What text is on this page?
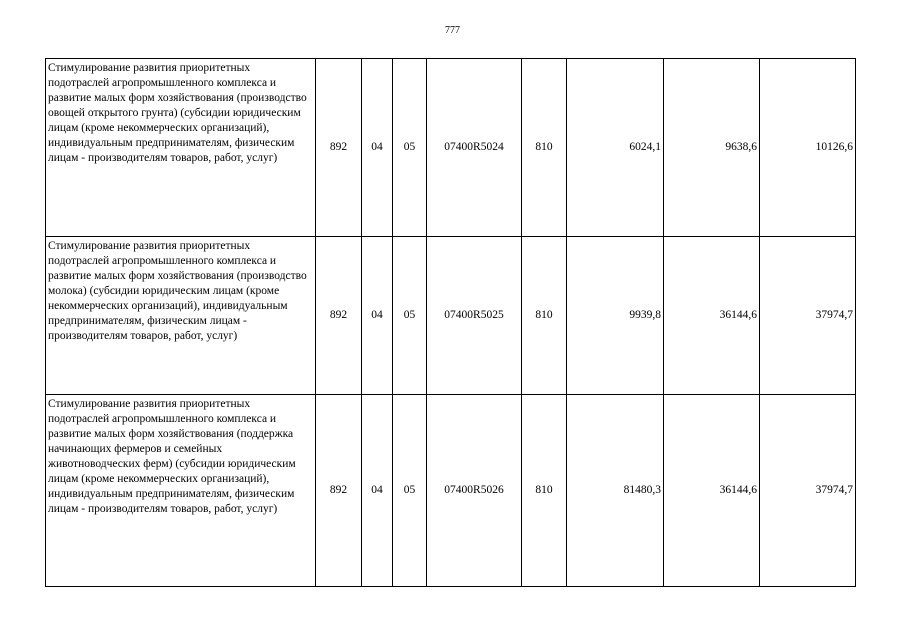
777
Стимулирование развития приоритетных подотраслей агропромышленного комплекса и развитие малых форм хозяйствования (производство овощей открытого грунта) (субсидии юридическим лицам (кроме некоммерческих организаций), индивидуальным предпринимателям, физическим лицам - производителям товаров, работ, услуг)	892	04	05	07400R5024	810	6024,1	9638,6	10126,6
Стимулирование развития приоритетных подотраслей агропромышленного комплекса и развитие малых форм хозяйствования (производство молока) (субсидии юридическим лицам (кроме некоммерческих организаций), индивидуальным предпринимателям, физическим лицам - производителям товаров, работ, услуг)	892	04	05	07400R5025	810	9939,8	36144,6	37974,7
Стимулирование развития приоритетных подотраслей агропромышленного комплекса и развитие малых форм хозяйствования (поддержка начинающих фермеров и семейных животноводческих ферм) (субсидии юридическим лицам (кроме некоммерческих организаций), индивидуальным предпринимателям, физическим лицам - производителям товаров, работ, услуг)	892	04	05	07400R5026	810	81480,3	36144,6	37974,7
